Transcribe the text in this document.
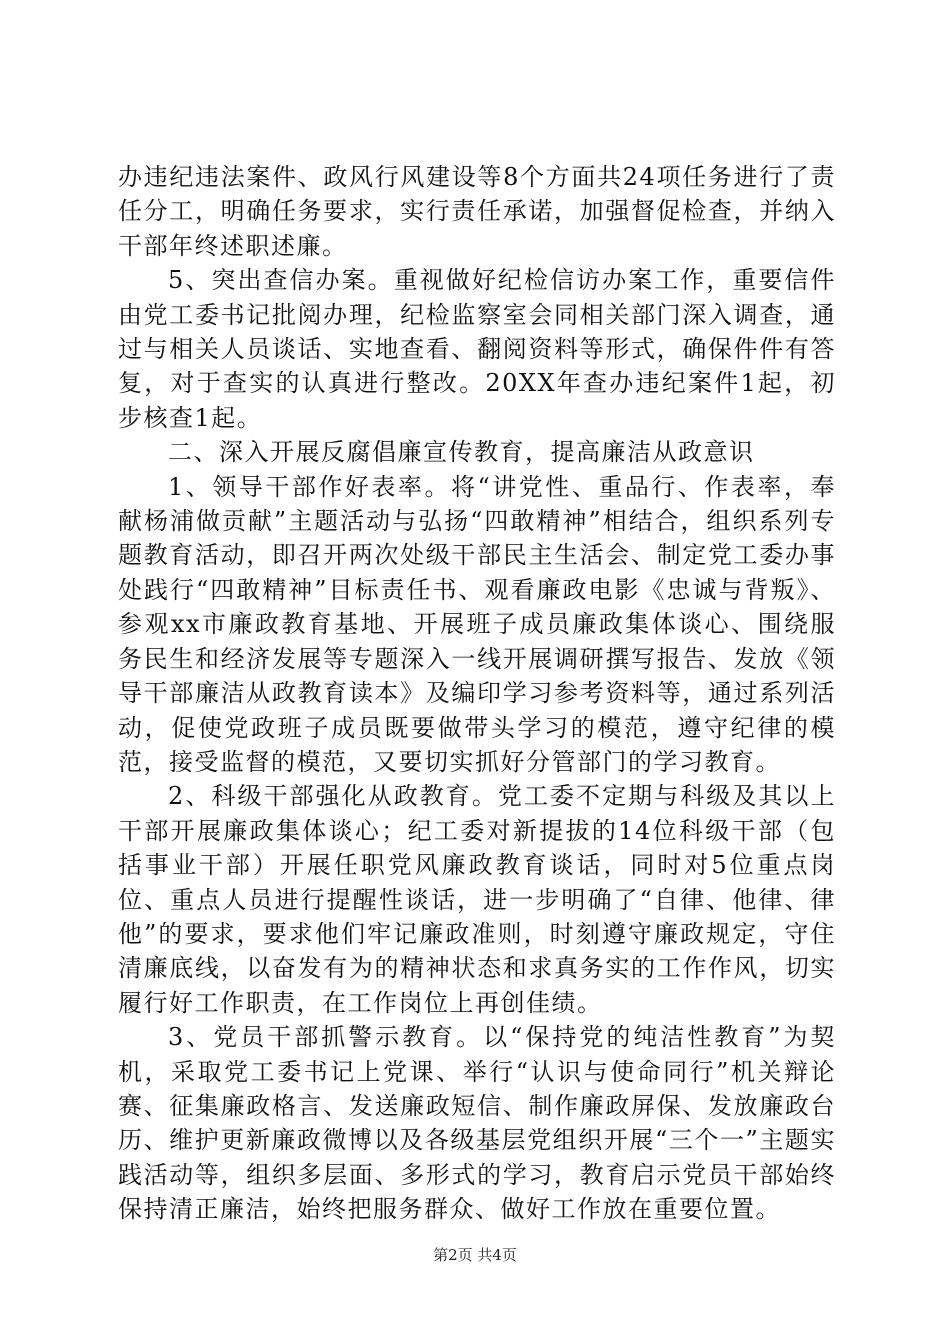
办违纪违法案件、政风行风建设等8个方面共24项任务进行了责任分工，明确任务要求，实行责任承诺，加强督促检查，并纳入干部年终述职述廉。

5、突出查信办案。重视做好纪检信访办案工作，重要信件由党工委书记批阅办理，纪检监察室会同相关部门深入调查，通过与相关人员谈话、实地查看、翻阅资料等形式，确保件件有答复，对于查实的认真进行整改。20XX年查办违纪案件1起，初步核查1起。

二、深入开展反腐倡廉宣传教育，提高廉洁从政意识

1、领导干部作好表率。将“讲党性、重品行、作表率，奉献杨浦做贡献”主题活动与弘扬“四敢精神”相结合，组织系列专题教育活动，即召开两次处级干部民主生活会、制定党工委办事处践行“四敢精神”目标责任书、观看廉政电影《忠诚与背叛》、参观xx市廉政教育基地、开展班子成员廉政集体谈心、围绕服务民生和经济发展等专题深入一线开展调研撰写报告、发放《领导干部廉洁从政教育读本》及编印学习参考资料等，通过系列活动，促使党政班子成员既要做带头学习的模范，遵守纪律的模范，接受监督的模范，又要切实抓好分管部门的学习教育。

2、科级干部强化从政教育。党工委不定期与科级及其以上干部开展廉政集体谈心；纪工委对新提拔的14位科级干部（包括事业干部）开展任职党风廉政教育谈话，同时对5位重点岗位、重点人员进行提醒性谈话，进一步明确了“自律、他律、律他”的要求，要求他们牢记廉政准则，时刻遵守廉政规定，守住清廉底线，以奋发有为的精神状态和求真务实的工作作风，切实履行好工作职责，在工作岗位上再创佳绩。

3、党员干部抓警示教育。以“保持党的纯洁性教育”为契机，采取党工委书记上党课、举行“认识与使命同行”机关辩论赛、征集廉政格言、发送廉政短信、制作廉政屏保、发放廉政台历、维护更新廉政微博以及各级基层党组织开展“三个一”主题实践活动等，组织多层面、多形式的学习，教育启示党员干部始终保持清正廉洁，始终把服务群众、做好工作放在重要位置。

第2页 共4页
